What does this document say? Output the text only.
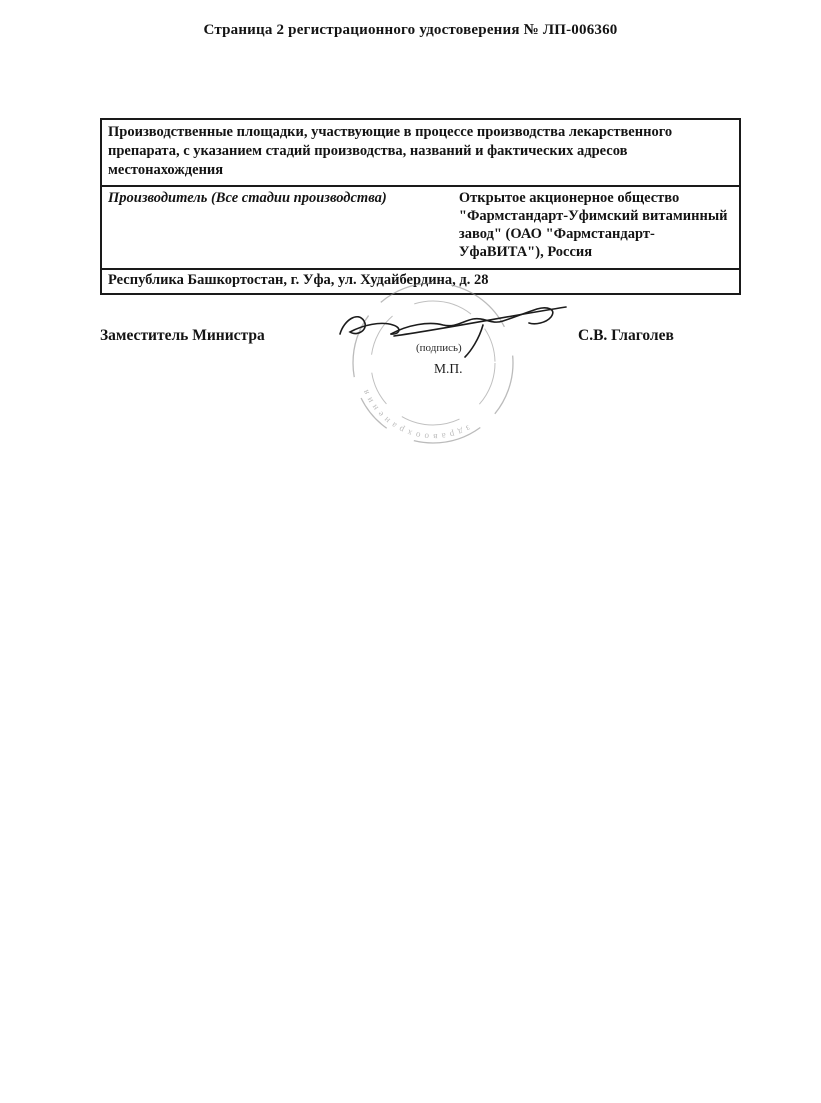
Страница 2 регистрационного удостоверения № ЛП-006360
Производственные площадки, участвующие в процессе производства лекарственного препарата, с указанием стадий производства, названий и фактических адресов местонахождения
Производитель (Все стадии производства)	Открытое акционерное общество "Фармстандарт-Уфимский витаминный завод" (ОАО "Фармстандарт-УфаВИТА"), Россия
Республика Башкортостан, г. Уфа, ул. Худайбердина, д. 28
здравоохранения
Заместитель Министра	С.В. Глаголев
(подпись)
М.П.
